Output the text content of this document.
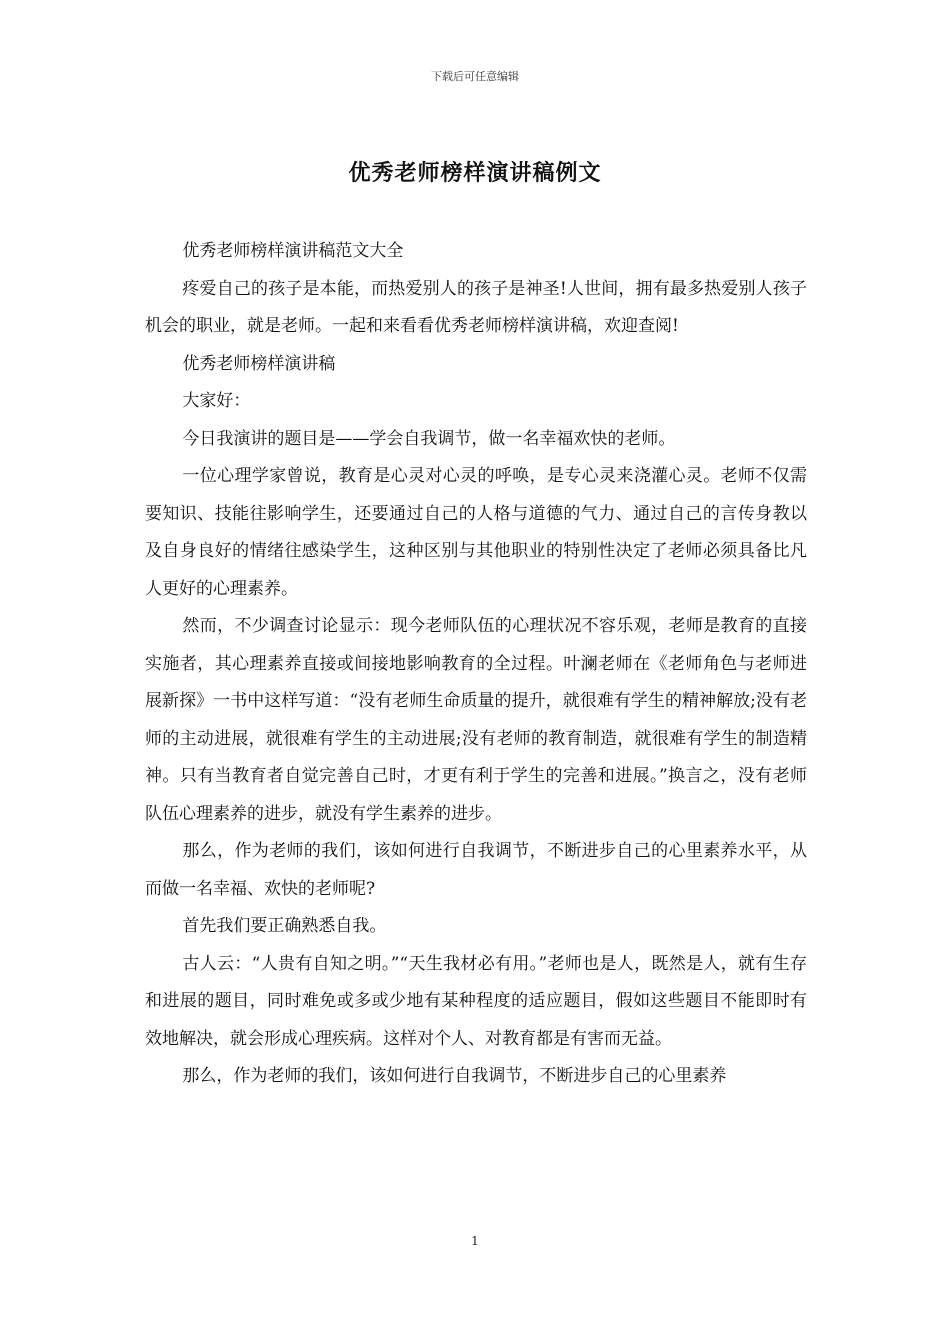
下载后可任意编辑
优秀老师榜样演讲稿例文

优秀老师榜样演讲稿范文大全

疼爱自己的孩子是本能，而热爱别人的孩子是神圣!人世间，拥有最多热爱别人孩子机会的职业，就是老师。一起和来看看优秀老师榜样演讲稿，欢迎查阅!

优秀老师榜样演讲稿

大家好：

今日我演讲的题目是——学会自我调节，做一名幸福欢快的老师。

一位心理学家曾说，教育是心灵对心灵的呼唤，是专心灵来浇灌心灵。老师不仅需要知识、技能往影响学生，还要通过自己的人格与道德的气力、通过自己的言传身教以及自身良好的情绪往感染学生，这种区别与其他职业的特别性决定了老师必须具备比凡人更好的心理素养。

然而，不少调查讨论显示：现今老师队伍的心理状况不容乐观，老师是教育的直接实施者，其心理素养直接或间接地影响教育的全过程。叶澜老师在《老师角色与老师进展新探》一书中这样写道：“没有老师生命质量的提升，就很难有学生的精神解放;没有老师的主动进展，就很难有学生的主动进展;没有老师的教育制造，就很难有学生的制造精神。只有当教育者自觉完善自己时，才更有利于学生的完善和进展。”换言之，没有老师队伍心理素养的进步，就没有学生素养的进步。

那么，作为老师的我们，该如何进行自我调节，不断进步自己的心里素养水平，从而做一名幸福、欢快的老师呢?

首先我们要正确熟悉自我。

古人云：“人贵有自知之明。”“天生我材必有用。”老师也是人，既然是人，就有生存和进展的题目，同时难免或多或少地有某种程度的适应题目，假如这些题目不能即时有效地解决，就会形成心理疾病。这样对个人、对教育都是有害而无益。

那么，作为老师的我们，该如何进行自我调节，不断进步自己的心里素养

1
